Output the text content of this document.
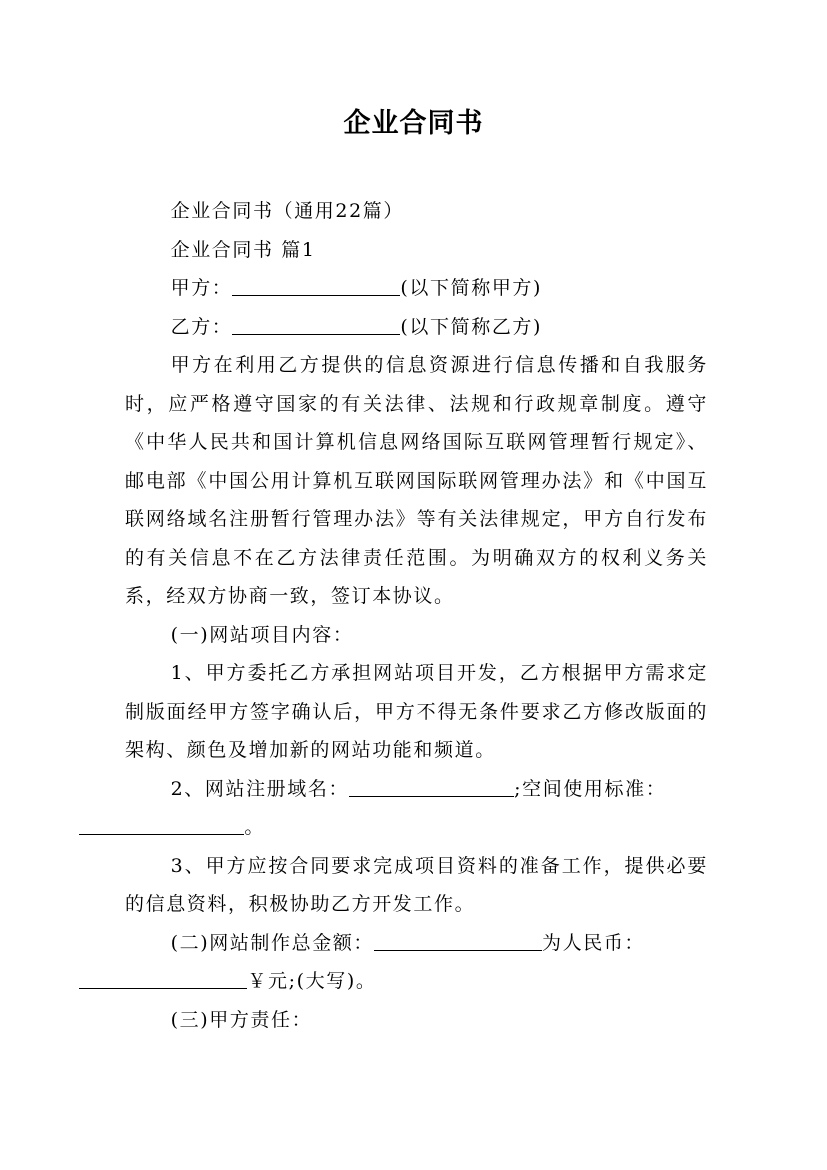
企业合同书

企业合同书（通用22篇）

企业合同书 篇1

甲方：	(以下简称甲方)

乙方：	(以下简称乙方)

甲方在利用乙方提供的信息资源进行信息传播和自我服务时，应严格遵守国家的有关法律、法规和行政规章制度。遵守《中华人民共和国计算机信息网络国际互联网管理暂行规定》、邮电部《中国公用计算机互联网国际联网管理办法》和《中国互联网络域名注册暂行管理办法》等有关法律规定，甲方自行发布的有关信息不在乙方法律责任范围。为明确双方的权利义务关系，经双方协商一致，签订本协议。

(一)网站项目内容：

1、甲方委托乙方承担网站项目开发，乙方根据甲方需求定制版面经甲方签字确认后，甲方不得无条件要求乙方修改版面的架构、颜色及增加新的网站功能和频道。

2、网站注册域名：	;空间使用标准：
。

3、甲方应按合同要求完成项目资料的准备工作，提供必要的信息资料，积极协助乙方开发工作。

(二)网站制作总金额：	为人民币：
￥元;(大写)。

(三)甲方责任：
